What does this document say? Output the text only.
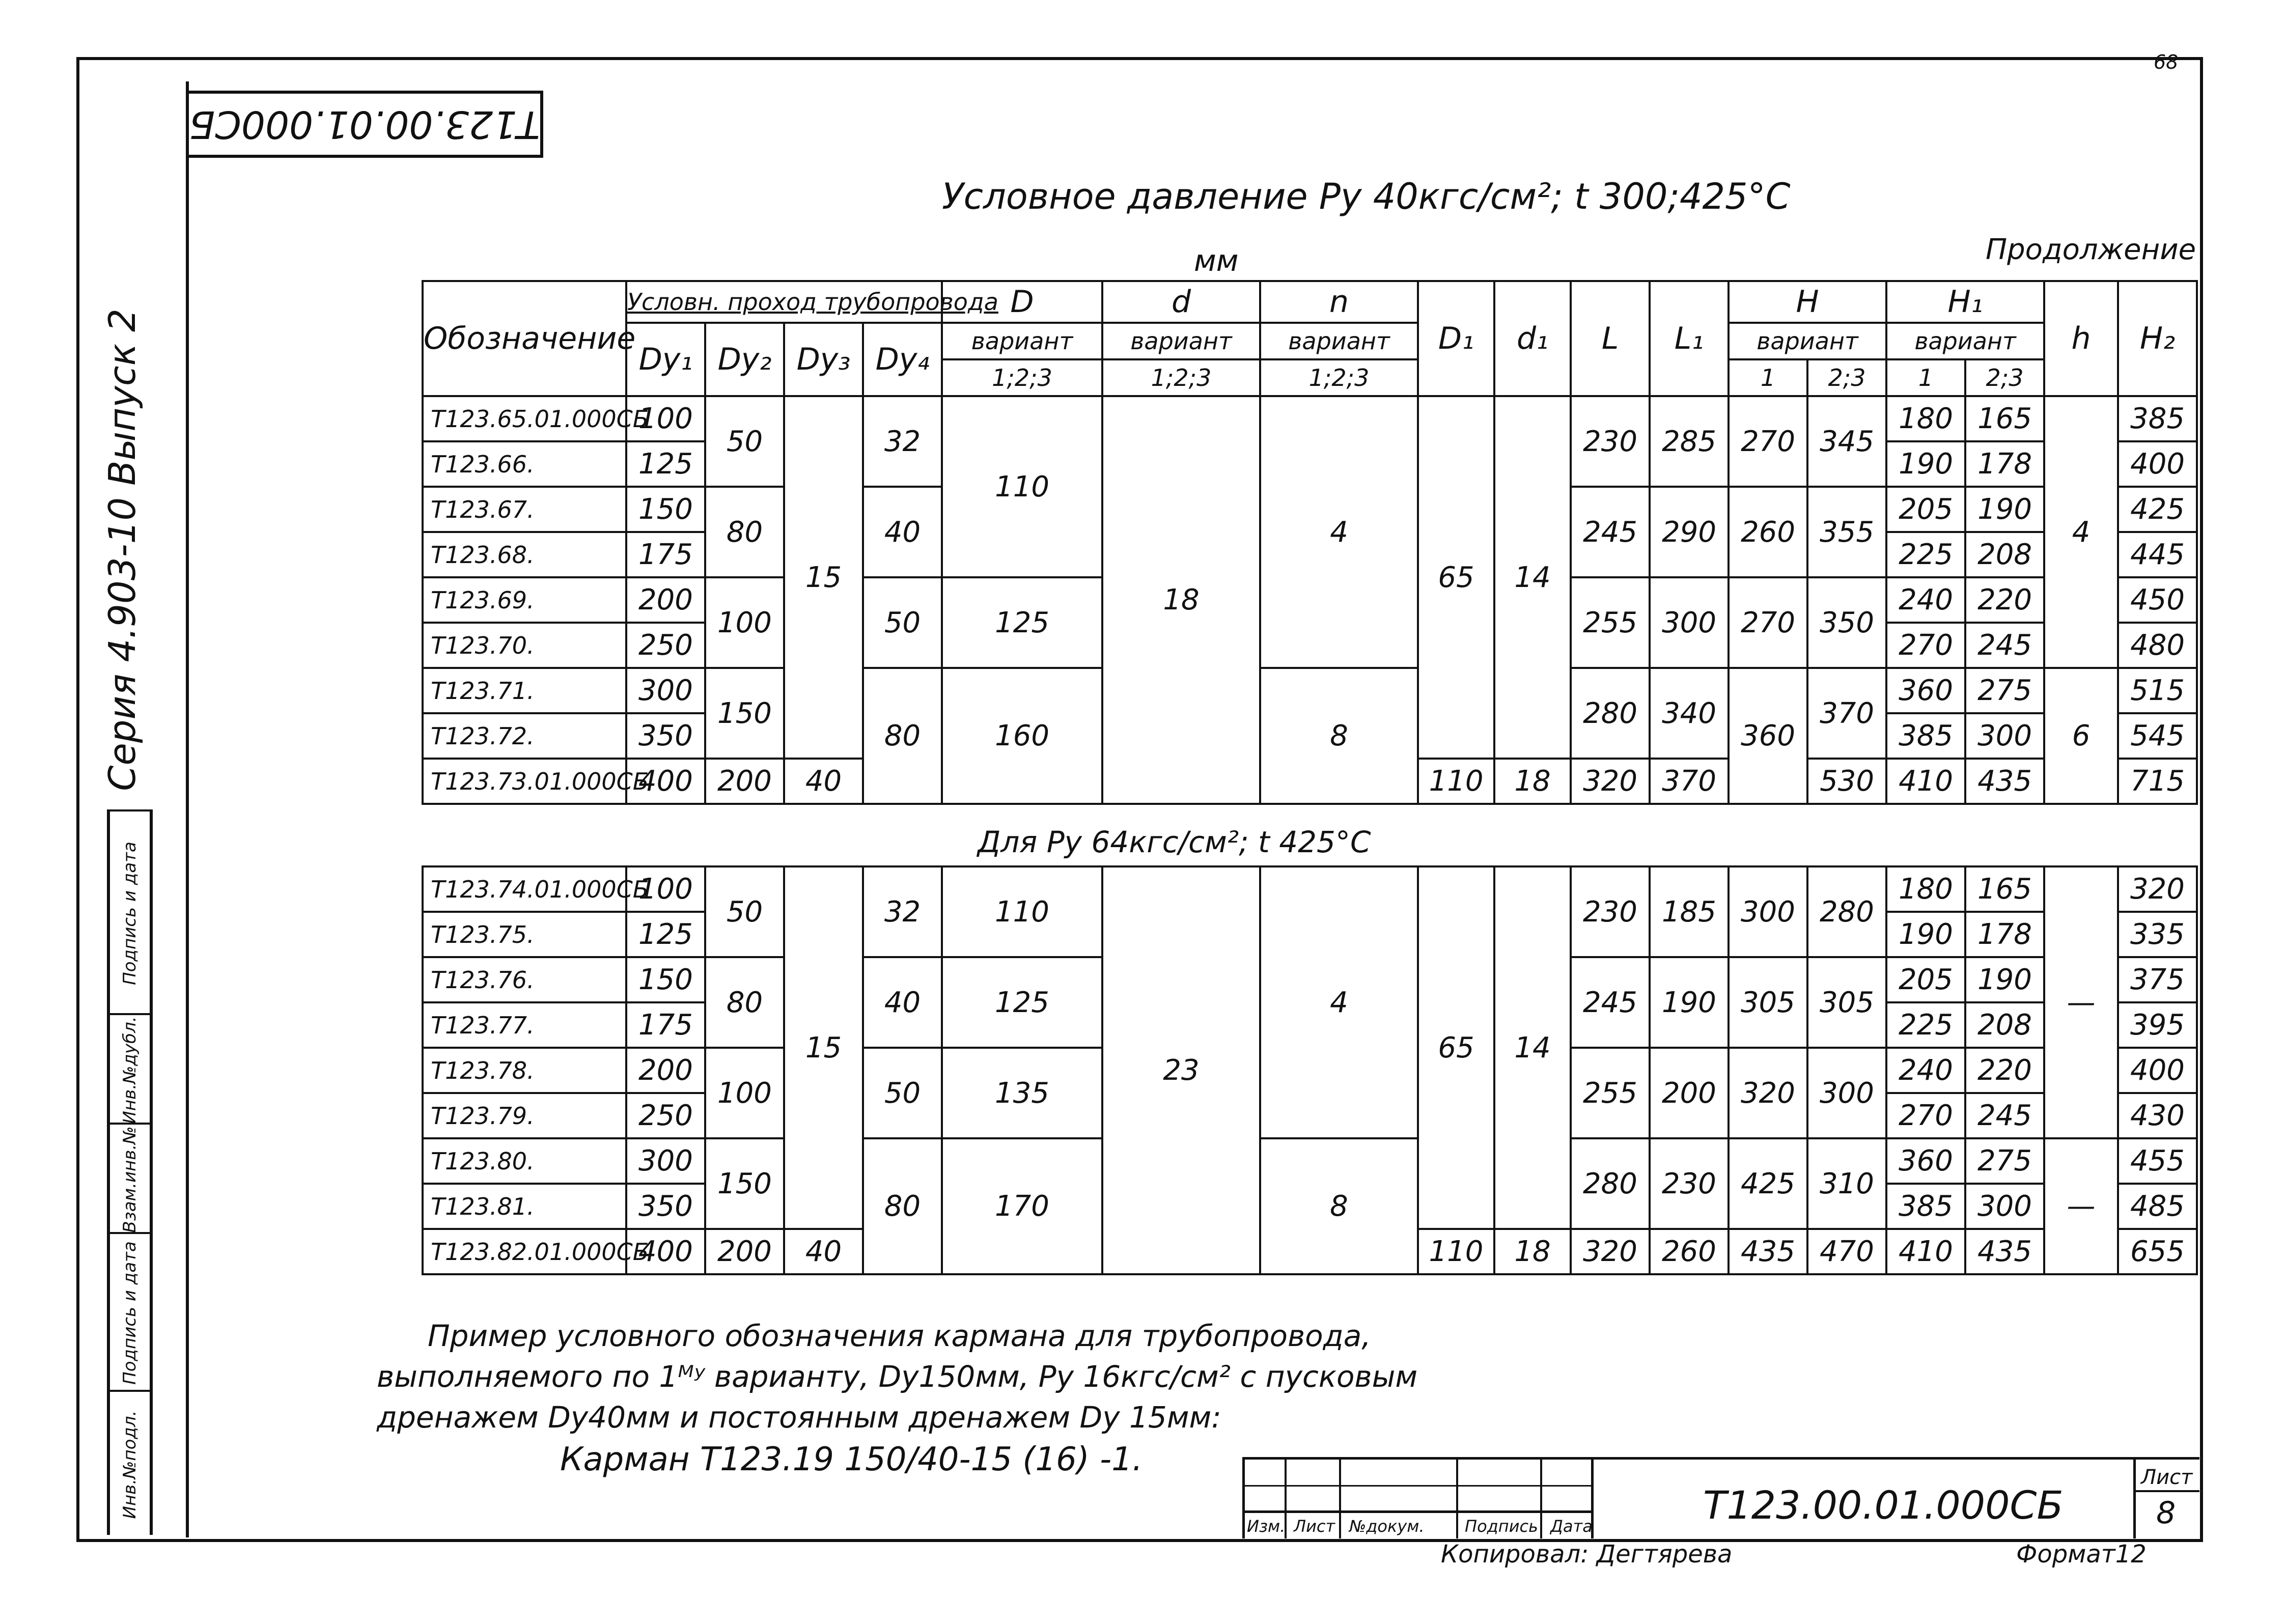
68
Т123.00.01.000СБ
Серия 4.903-10 Выпуск 2
Инв.№подл.
Подпись и дата
Взам.инв.№
Инв.№дубл.
Подпись и дата
Условное давление Ру 40кгс/см²; t 300;425°С
мм	Продолжение
Обозначение	Условн. проход трубопровода				D	d	n	D₁	d₁	L	L₁	H		H₁		h	H₂
	Dу₁	Dу₂	Dу₃	Dу₄	вариант	вариант	вариант					вариант		вариант			
					1;2;3	1;2;3	1;2;3					1	2;3	1	2;3		
Т123.65.01.000СБ	100	50	15	32	110	18	4	65	14	230	285	270	345	180	165	4	385
Т123.66.	125													190	178		400
Т123.67.	150	80		40						245	290	260	355	205	190		425
Т123.68.	175													225	208		445
Т123.69.	200	100		50	125					255	300	270	350	240	220		450
Т123.70.	250													270	245		480
Т123.71.	300	150		80	160		8			280	340	360	370	360	275	6	515
Т123.72.	350													385	300		545
Т123.73.01.000СБ	400	200	40					110	18	320	370		530	410	435		715
Для Ру 64кгс/см²; t 425°С
Т123.74.01.000СБ	100	50	15	32	110	23	4	65	14	230	185	300	280	180	165	—	320
Т123.75.	125													190	178		335
Т123.76.	150	80		40	125					245	190	305	305	205	190		375
Т123.77.	175													225	208		395
Т123.78.	200	100		50	135					255	200	320	300	240	220		400
Т123.79.	250													270	245		430
Т123.80.	300	150		80	170		8			280	230	425	310	360	275	—	455
Т123.81.	350													385	300		485
Т123.82.01.000СБ	400	200	40					110	18	320	260	435	470	410	435		655
Пример условного обозначения кармана для трубопровода,
выполняемого по 1ᴹʸ варианту, Dу150мм, Ру 16кгс/см² с пусковым
дренажем Dу40мм и постоянным дренажем Dу 15мм:
Карман Т123.19 150/40-15 (16) -1.
Изм. Лист №докум. Подпись Дата	Т123.00.01.000СБ
Лист
8
Копировал: Дегтярева	Формат12
